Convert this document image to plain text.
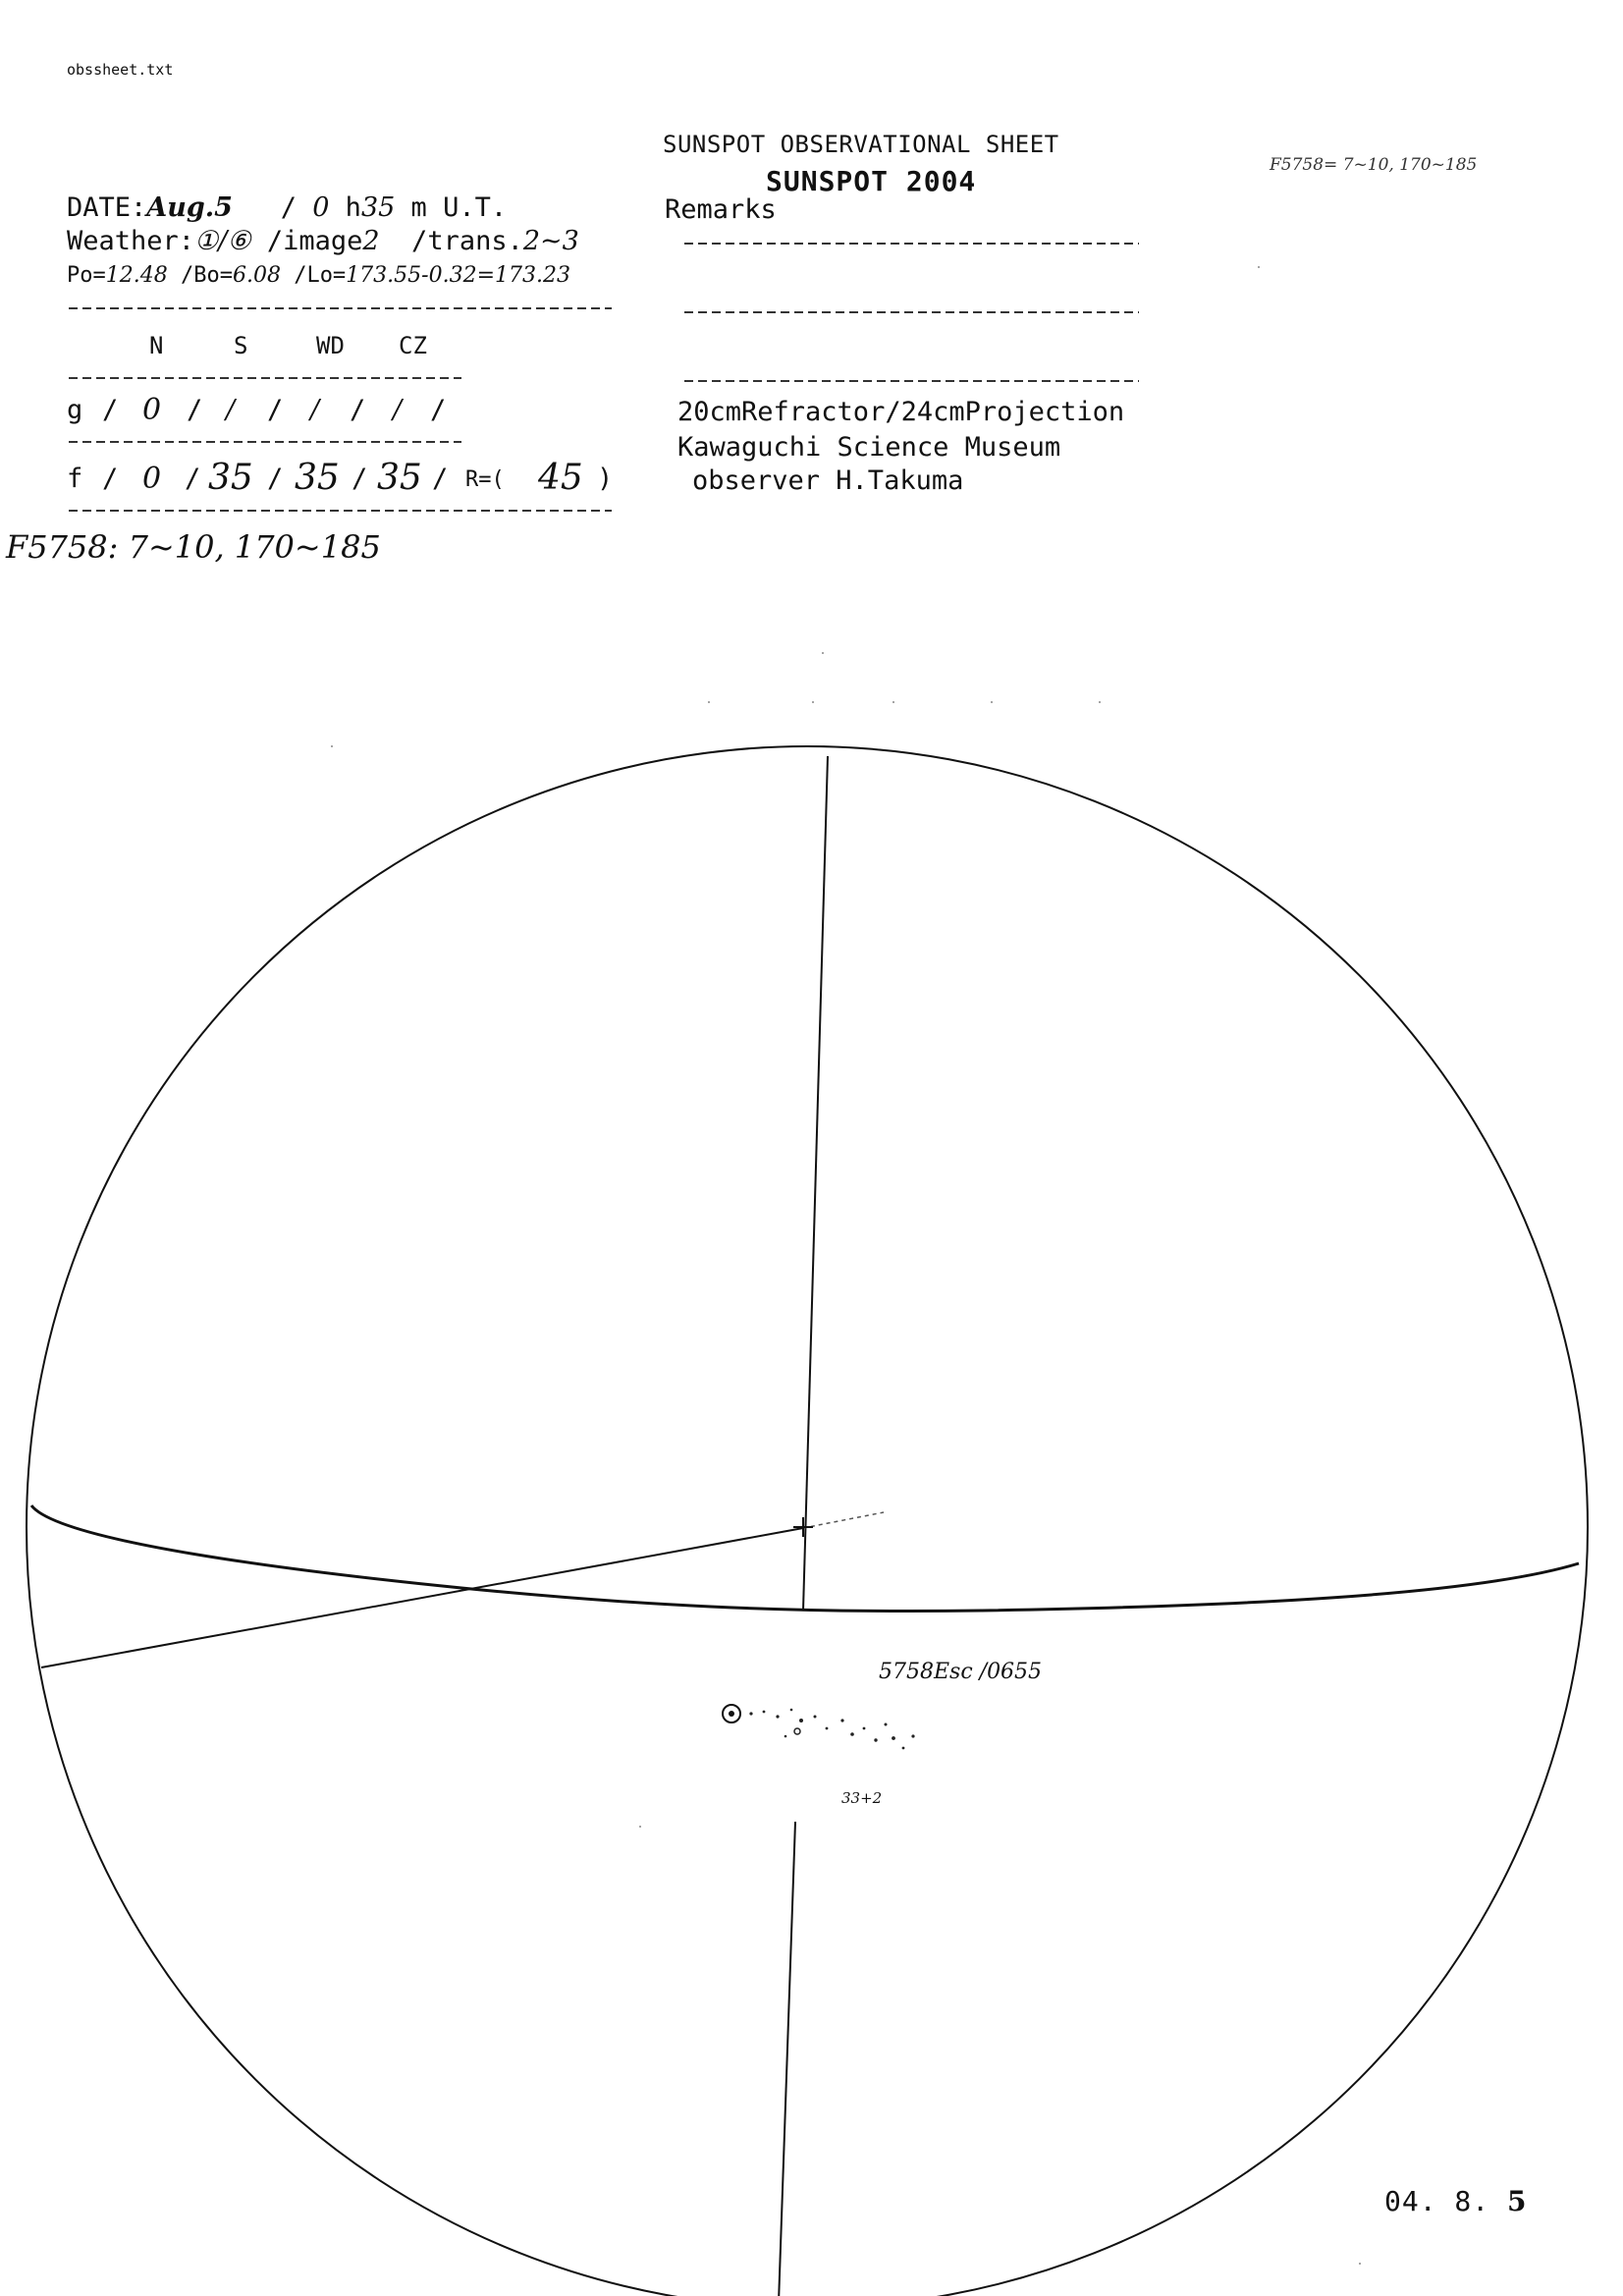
obssheet.txt
SUNSPOT OBSERVATIONAL SHEET
SUNSPOT 2004	F5758= 7~10, 170~185
DATE:Aug.5 / 0 h35 m U.T.
Weather:①/⑥ /image2  /trans.2~3
Po=12.48 /Bo=6.08 /Lo=173.55-0.32=173.23
N	S	WD CZ
g / 0 / / / / / / /
f / 0 / 35 / 35 / 35 / R=( 45 )
Remarks
20cmRefractor/24cmProjection
Kawaguchi Science Museum
observer H.Takuma
F5758: 7~10, 170~185
5758Esc /0655
33+2
04. 8. 5
